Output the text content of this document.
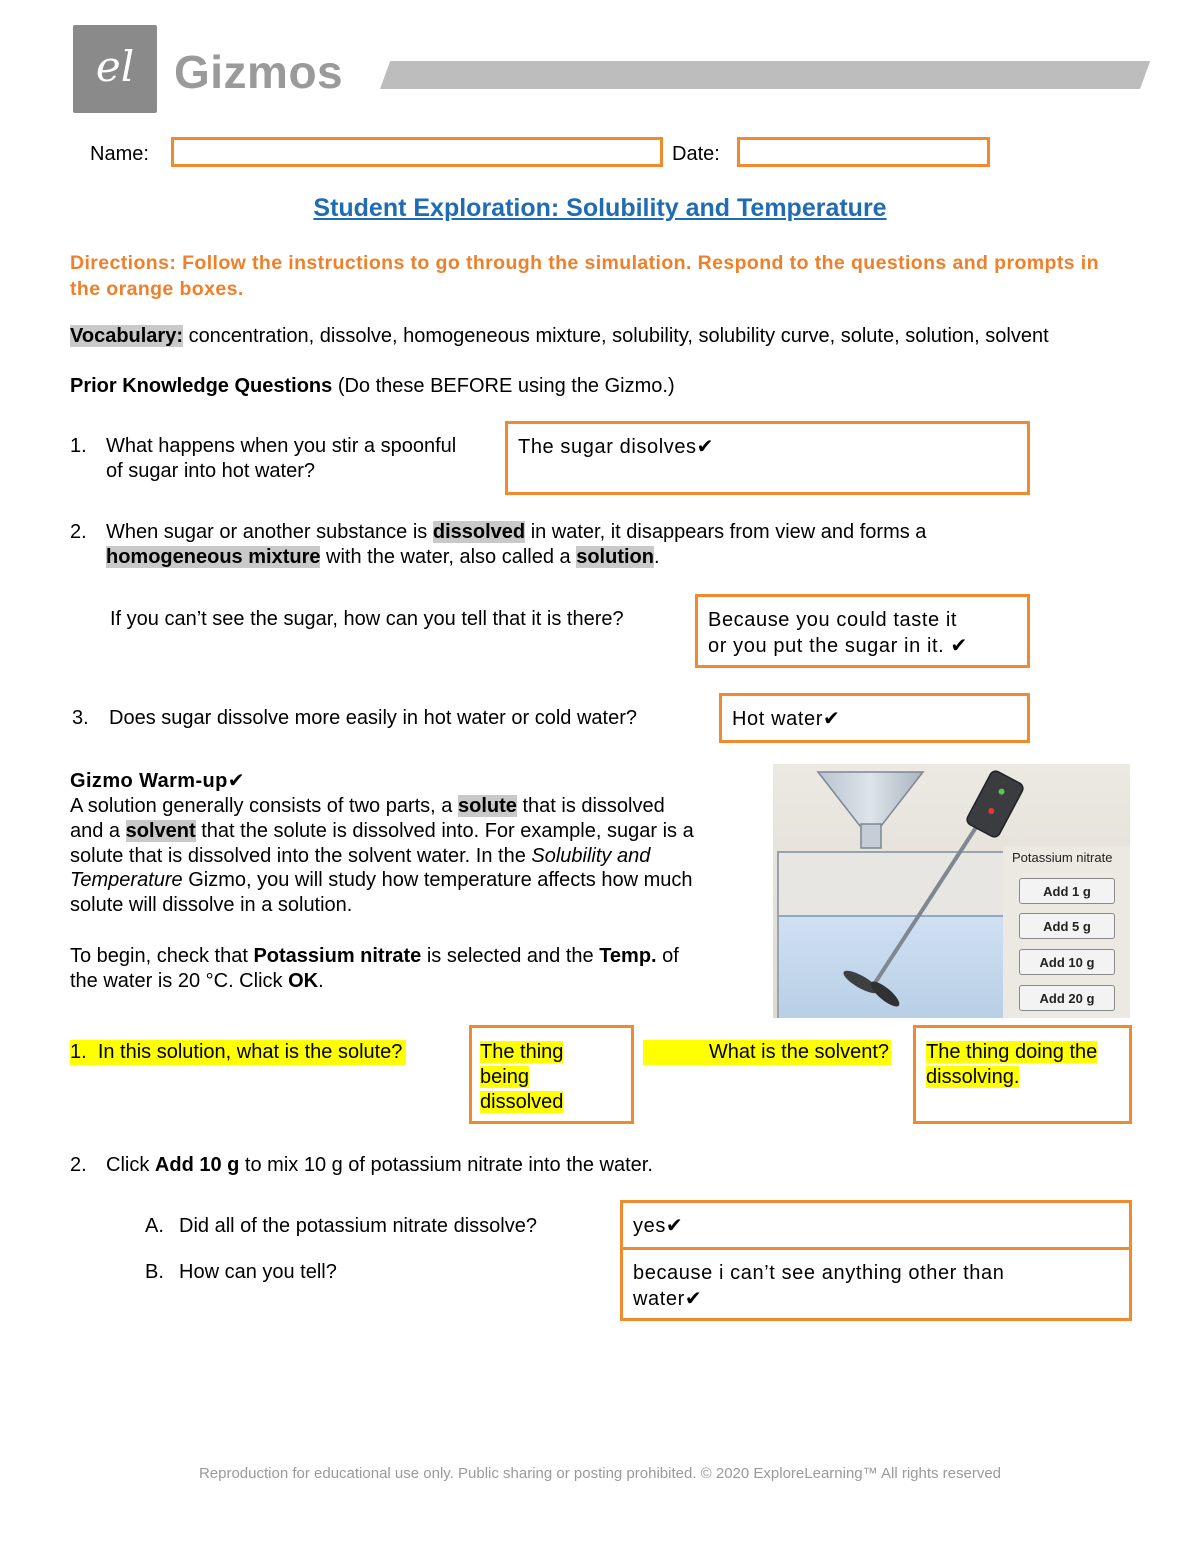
el Gizmos
Name:	Date:
Student Exploration: Solubility and Temperature
Directions: Follow the instructions to go through the simulation. Respond to the questions and prompts in the orange boxes.
Vocabulary: concentration, dissolve, homogeneous mixture, solubility, solubility curve, solute, solution, solvent
Prior Knowledge Questions (Do these BEFORE using the Gizmo.)
1. What happens when you stir a spoonful
of sugar into hot water?
The sugar disolves✔
2. When sugar or another substance is dissolved in water, it disappears from view and forms a
homogeneous mixture with the water, also called a solution.
If you can’t see the sugar, how can you tell that it is there?	Because you could taste it
or you put the sugar in it. ✔
3. Does sugar dissolve more easily in hot water or cold water?	Hot water✔
Gizmo Warm-up✔
A solution generally consists of two parts, a solute that is dissolved
and a solvent that the solute is dissolved into. For example, sugar is a
solute that is dissolved into the solvent water. In the Solubility and
Temperature Gizmo, you will study how temperature affects how much
solute will dissolve in a solution.
To begin, check that Potassium nitrate is selected and the Temp. of
the water is 20 °C. Click OK.
Potassium nitrate
Add 1 g
Add 5 g
Add 10 g
Add 20 g
1. In this solution, what is the solute?	The thing
being
dissolved
What is the solvent? The thing doing the
dissolving.
2. Click Add 10 g to mix 10 g of potassium nitrate into the water.
A. Did all of the potassium nitrate dissolve?	yes✔
B. How can you tell?	because i can’t see anything other than
water✔
Reproduction for educational use only. Public sharing or posting prohibited. © 2020 ExploreLearning™ All rights reserved
